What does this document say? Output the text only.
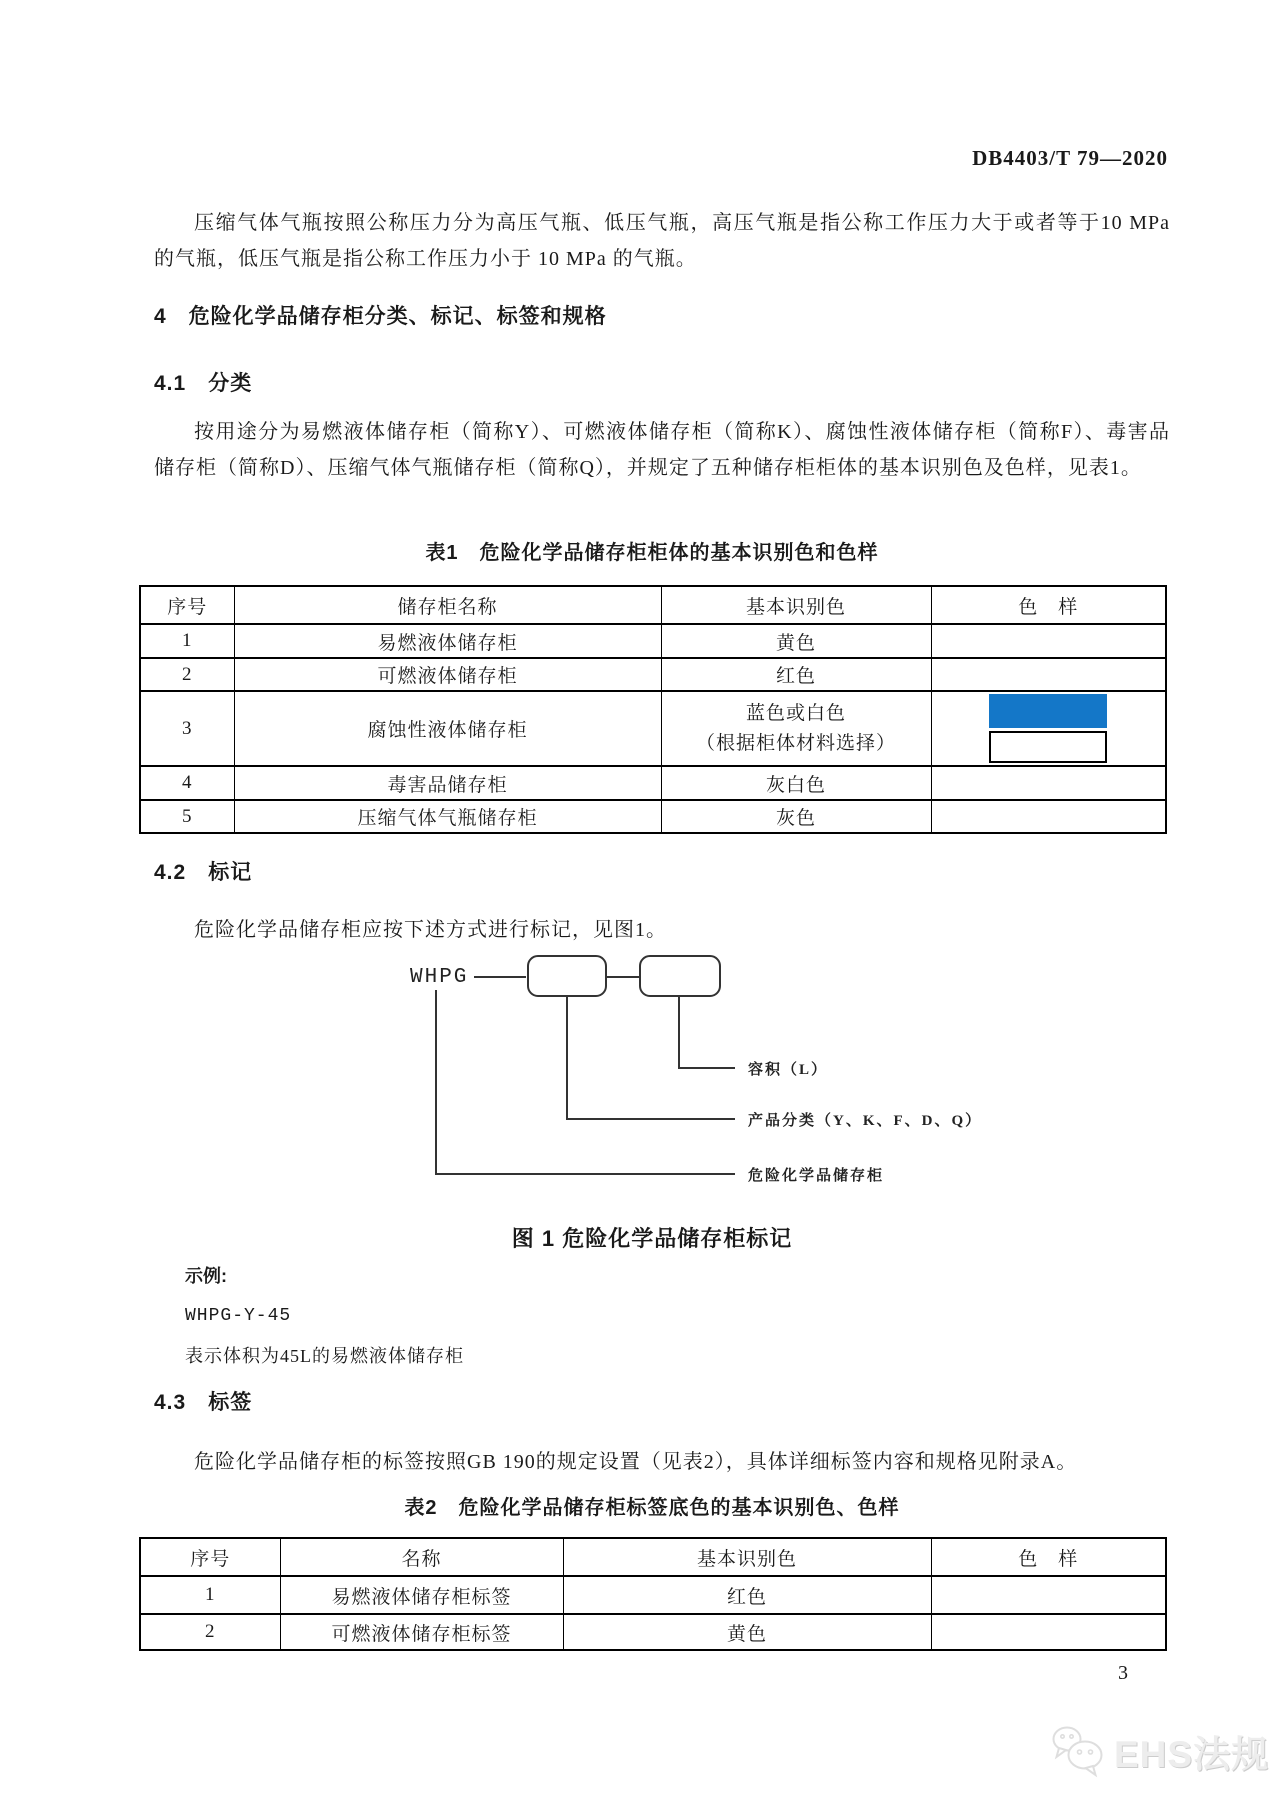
DB4403/T 79—2020

压缩气体气瓶按照公称压力分为高压气瓶、低压气瓶，高压气瓶是指公称工作压力大于或者等于10 MPa 的气瓶，低压气瓶是指公称工作压力小于 10 MPa 的气瓶。

4　危险化学品储存柜分类、标记、标签和规格
4.1　分类

按用途分为易燃液体储存柜（简称Y）、可燃液体储存柜（简称K）、腐蚀性液体储存柜（简称F）、毒害品储存柜（简称D）、压缩气体气瓶储存柜（简称Q），并规定了五种储存柜柜体的基本识别色及色样，见表1。

表1　危险化学品储存柜柜体的基本识别色和色样
序号	储存柜名称	基本识别色	色　样
1	易燃液体储存柜	黄色	

2	可燃液体储存柜	红色	

3	腐蚀性液体储存柜	蓝色或白色
（根据柜体材料选择）	

4	毒害品储存柜	灰白色	

5	压缩气体气瓶储存柜	灰色	
4.2　标记

危险化学品储存柜应按下述方式进行标记，见图1。

WHPG
容积（L）
产品分类（Y、K、F、D、Q）
危险化学品储存柜
图 1 危险化学品储存柜标记
示例:
WHPG-Y-45
表示体积为45L的易燃液体储存柜
4.3　标签

危险化学品储存柜的标签按照GB 190的规定设置（见表2），具体详细标签内容和规格见附录A。

表2　危险化学品储存柜标签底色的基本识别色、色样
序号	名称	基本识别色	色　样
1	易燃液体储存柜标签	红色	

2	可燃液体储存柜标签	黄色	
3
EHS法规
